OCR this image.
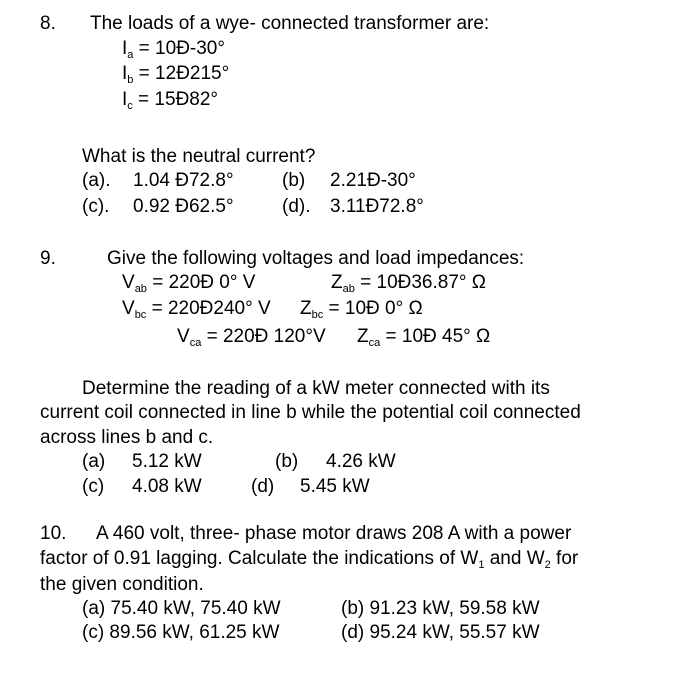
8. The loads of a wye- connected transformer are:
$I_a$ = 10Ð-30°
$I_b$ = 12Ð215°
$I_c$ = 15Ð82°
What is the neutral current?
(a). 1.04 Ð72.8°	(b) 2.21Ð-30°
(c). 0.92 Ð62.5°	(d). 3.11Ð72.8°
9.	Give the following voltages and load impedances:
$V_{ab}$ = 220Ð 0° V	$Z_{ab}$ = 10Ð36.87° Ω
$V_{bc}$ = 220Ð240° V $Z_{bc}$ = 10Ð 0° Ω
$V_{ca}$ = 220Ð 120°V $Z_{ca}$ = 10Ð 45° Ω
Determine the reading of a kW meter connected with its
current coil connected in line b while the potential coil connected
across lines b and c.
(a) 5.12 kW	(b) 4.26 kW
(c) 4.08 kW	(d) 5.45 kW
10. A 460 volt, three- phase motor draws 208 A with a power
factor of 0.91 lagging. Calculate the indications of $W_1$ and $W_2$ for
the given condition.
(a) 75.40 kW, 75.40 kW	(b) 91.23 kW, 59.58 kW
(c) 89.56 kW, 61.25 kW	(d) 95.24 kW, 55.57 kW
